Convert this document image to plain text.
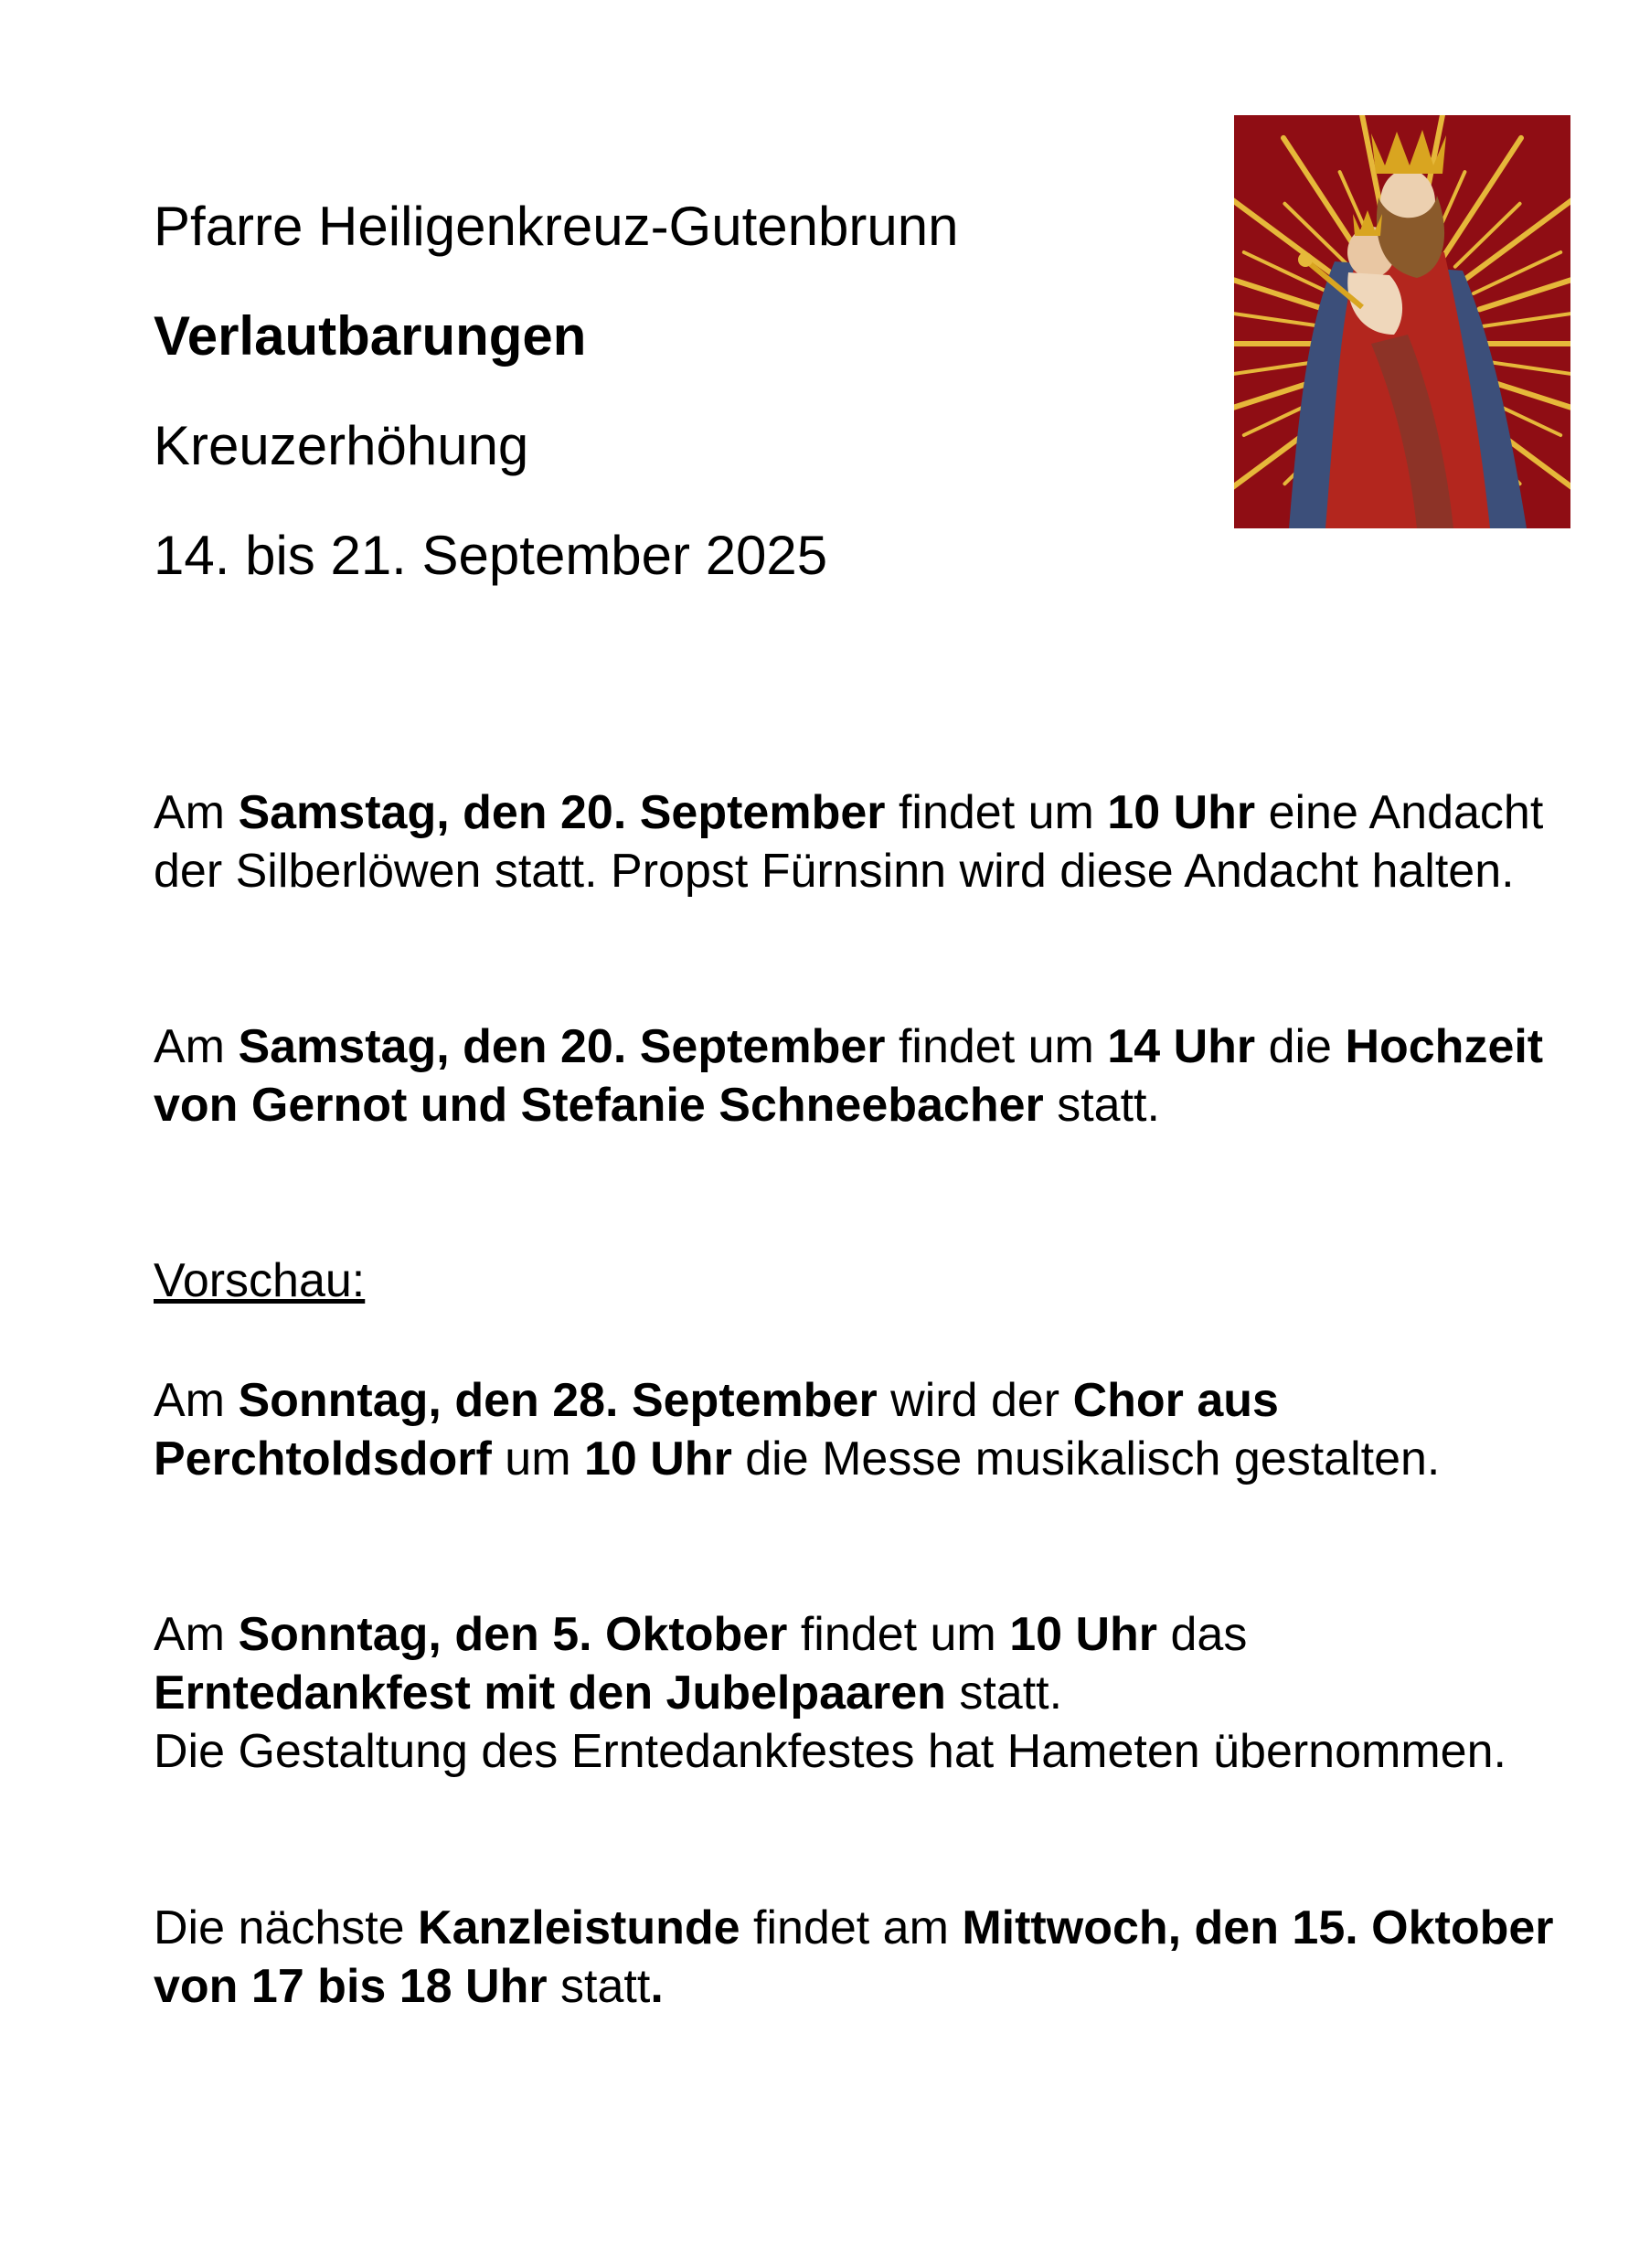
Pfarre Heiligenkreuz-Gutenbrunn
Verlautbarungen
Kreuzerhöhung
14. bis 21. September 2025

Am Samstag, den 20. September findet um 10 Uhr eine Andacht der Silberlöwen statt. Propst Fürnsinn wird diese Andacht halten.

Am Samstag, den 20. September findet um 14 Uhr die Hochzeit von Gernot und Stefanie Schneebacher statt.

Vorschau:

Am Sonntag, den 28. September wird der Chor aus Perchtoldsdorf um 10 Uhr die Messe musikalisch gestalten.

Am Sonntag, den 5. Oktober findet um 10 Uhr das Erntedankfest mit den Jubelpaaren statt.
Die Gestaltung des Erntedankfestes hat Hameten übernommen.

Die nächste Kanzleistunde findet am Mittwoch, den 15. Oktober von 17 bis 18 Uhr statt.
